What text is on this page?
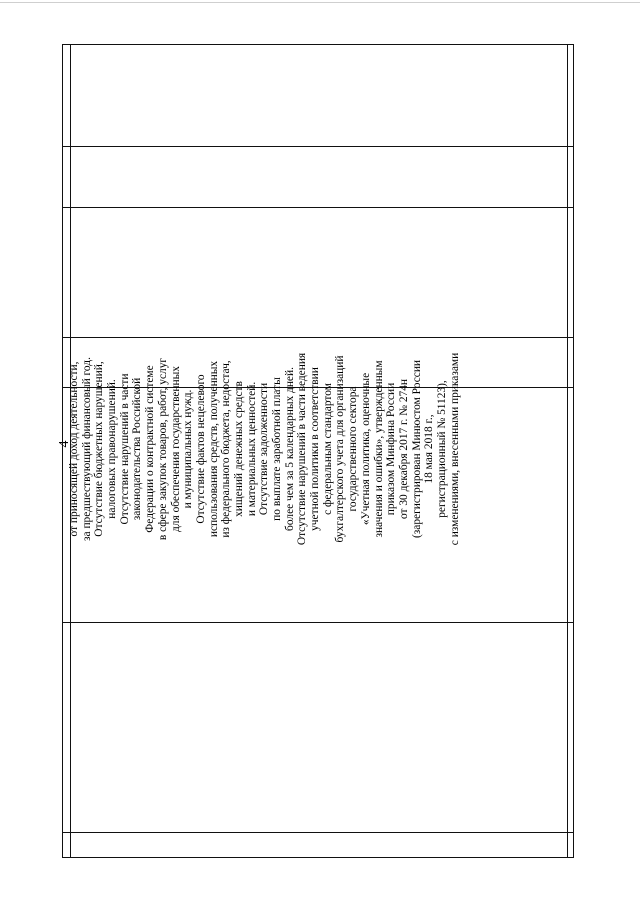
4
от приносящей доход деятельности, за предшествующий финансовый год. Отсутствие бюджетных нарушений, налоговых правонарушений. Отсутствие нарушений в части законодательства Российской Федерации о контрактной системе в сфере закупок товаров, работ, услуг для обеспечения государственных и муниципальных нужд. Отсутствие фактов нецелевого использования средств, полученных из федерального бюджета, недостач, хищений денежных средств и материальных ценностей. Отсутствие задолженности по выплате заработной платы более чем за 5 календарных дней. Отсутствие нарушений в части ведения учетной политики в соответствии с федеральным стандартом бухгалтерского учета для организаций государственного сектора «Учетная политика, оценочные значения и ошибки», утвержденным приказом Минфина России от 30 декабря 2017 г. № 274н (зарегистрирован Минюстом России 18 мая 2018 г., регистрационный № 51123), с изменениями, внесенными приказами
